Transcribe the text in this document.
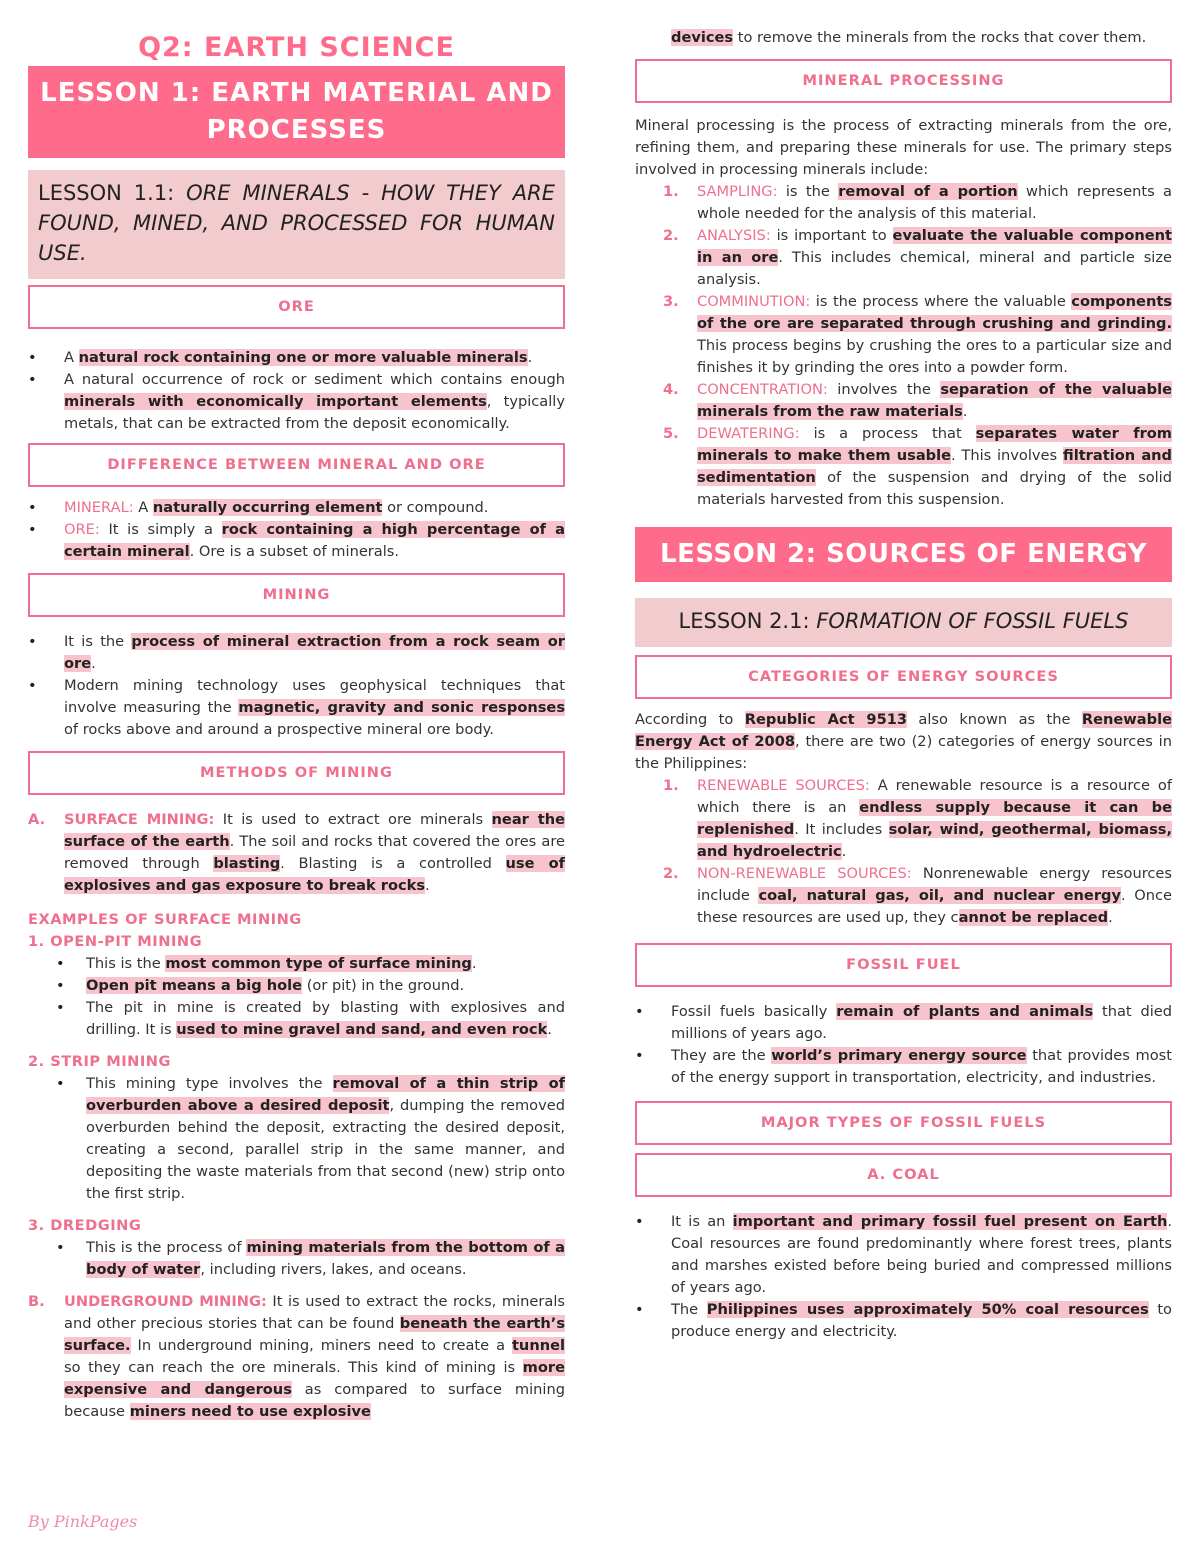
Q2: EARTH SCIENCE
LESSON 1: EARTH MATERIAL AND PROCESSES
LESSON 1.1: ORE MINERALS - HOW THEY ARE FOUND, MINED, AND PROCESSED FOR HUMAN USE.
ORE
• A natural rock containing one or more valuable minerals.
• A natural occurrence of rock or sediment which contains enough minerals with economically important elements, typically metals, that can be extracted from the deposit economically.
DIFFERENCE BETWEEN MINERAL AND ORE
• MINERAL: A naturally occurring element or compound.
• ORE: It is simply a rock containing a high percentage of a certain mineral. Ore is a subset of minerals.
MINING
• It is the process of mineral extraction from a rock seam or ore.
• Modern mining technology uses geophysical techniques that involve measuring the magnetic, gravity and sonic responses of rocks above and around a prospective mineral ore body.
METHODS OF MINING

A. SURFACE MINING: It is used to extract ore minerals near the surface of the earth. The soil and rocks that covered the ores are removed through blasting. Blasting is a controlled use of explosives and gas exposure to break rocks.

EXAMPLES OF SURFACE MINING
1. OPEN-PIT MINING
• This is the most common type of surface mining.
• Open pit means a big hole (or pit) in the ground.
• The pit in mine is created by blasting with explosives and drilling. It is used to mine gravel and sand, and even rock.
2. STRIP MINING
• This mining type involves the removal of a thin strip of overburden above a desired deposit, dumping the removed overburden behind the deposit, extracting the desired deposit, creating a second, parallel strip in the same manner, and depositing the waste materials from that second (new) strip onto the first strip.
3. DREDGING
• This is the process of mining materials from the bottom of a body of water, including rivers, lakes, and oceans.

B. UNDERGROUND MINING: It is used to extract the rocks, minerals and other precious stories that can be found beneath the earth’s surface. In underground mining, miners need to create a tunnel so they can reach the ore minerals. This kind of mining is more expensive and dangerous as compared to surface mining because miners need to use explosive

devices to remove the minerals from the rocks that cover them.

MINERAL PROCESSING

Mineral processing is the process of extracting minerals from the ore, refining them, and preparing these minerals for use. The primary steps involved in processing minerals include:

1. SAMPLING: is the removal of a portion which represents a whole needed for the analysis of this material.
2. ANALYSIS: is important to evaluate the valuable component in an ore. This includes chemical, mineral and particle size analysis.
3. COMMINUTION: is the process where the valuable components of the ore are separated through crushing and grinding. This process begins by crushing the ores to a particular size and finishes it by grinding the ores into a powder form.
4. CONCENTRATION: involves the separation of the valuable minerals from the raw materials.
5. DEWATERING: is a process that separates water from minerals to make them usable. This involves filtration and sedimentation of the suspension and drying of the solid materials harvested from this suspension.
LESSON 2: SOURCES OF ENERGY
LESSON 2.1: FORMATION OF FOSSIL FUELS
CATEGORIES OF ENERGY SOURCES

According to Republic Act 9513 also known as the Renewable Energy Act of 2008, there are two (2) categories of energy sources in the Philippines:

1. RENEWABLE SOURCES: A renewable resource is a resource of which there is an endless supply because it can be replenished. It includes solar, wind, geothermal, biomass, and hydroelectric.
2. NON-RENEWABLE SOURCES: Nonrenewable energy resources include coal, natural gas, oil, and nuclear energy. Once these resources are used up, they cannot be replaced.
FOSSIL FUEL
• Fossil fuels basically remain of plants and animals that died millions of years ago.
• They are the world’s primary energy source that provides most of the energy support in transportation, electricity, and industries.
MAJOR TYPES OF FOSSIL FUELS
A. COAL
• It is an important and primary fossil fuel present on Earth. Coal resources are found predominantly where forest trees, plants and marshes existed before being buried and compressed millions of years ago.
• The Philippines uses approximately 50% coal resources to produce energy and electricity.
By PinkPages
